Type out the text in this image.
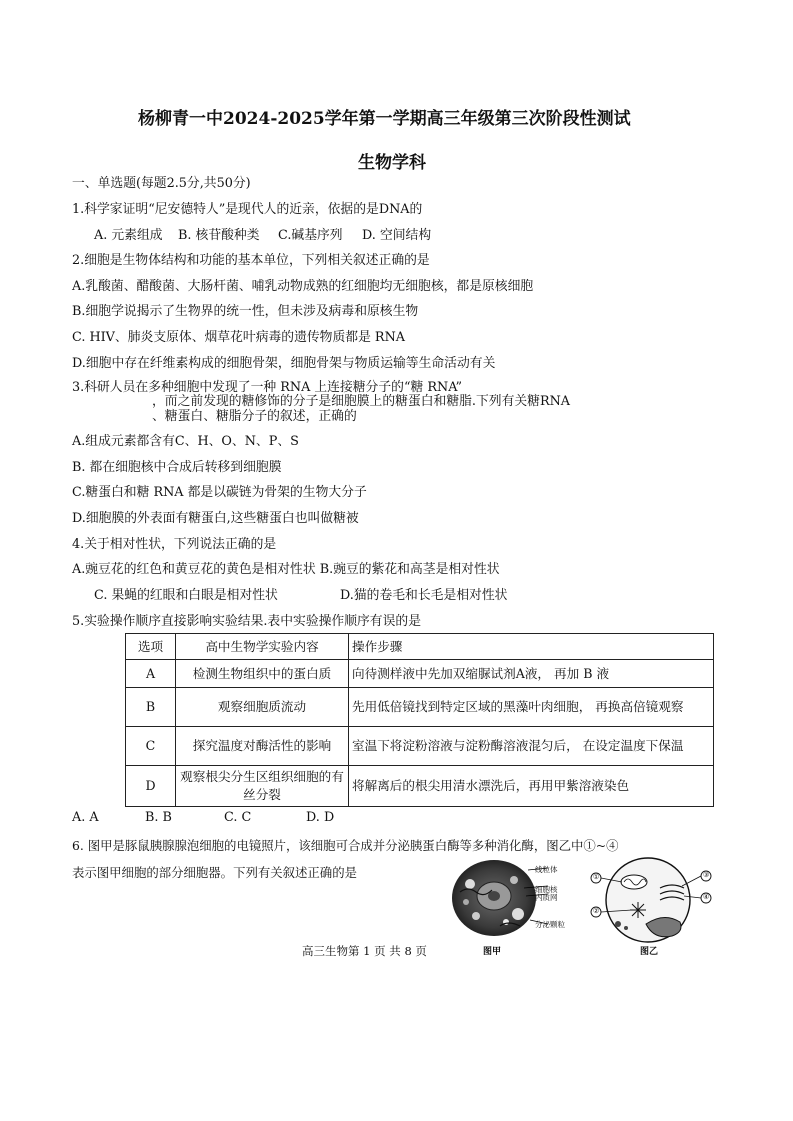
杨柳青一中2024-2025学年第一学期高三年级第三次阶段性测试
生物学科
一、单选题(每题2.5分,共50分)
1.科学家证明“尼安德特人”是现代人的近亲，依据的是DNA的
A. 元素组成 B. 核苷酸种类 C.碱基序列 D. 空间结构
2.细胞是生物体结构和功能的基本单位，下列相关叙述正确的是
A.乳酸菌、醋酸菌、大肠杆菌、哺乳动物成熟的红细胞均无细胞核，都是原核细胞
B.细胞学说揭示了生物界的统一性，但未涉及病毒和原核生物
C. HIV、肺炎支原体、烟草花叶病毒的遗传物质都是 RNA
D.细胞中存在纤维素构成的细胞骨架，细胞骨架与物质运输等生命活动有关
3.科研人员在多种细胞中发现了一种 RNA 上连接糖分子的“糖 RNA”
，而之前发现的糖修饰的分子是细胞膜上的糖蛋白和糖脂.下列有关糖RNA
、糖蛋白、糖脂分子的叙述，正确的
A.组成元素都含有C、H、O、N、P、S
B. 都在细胞核中合成后转移到细胞膜
C.糖蛋白和糖 RNA 都是以碳链为骨架的生物大分子
D.细胞膜的外表面有糖蛋白,这些糖蛋白也叫做糖被
4.关于相对性状，下列说法正确的是
A.豌豆花的红色和黄豆花的黄色是相对性状 B.豌豆的紫花和高茎是相对性状
C. 果蝇的红眼和白眼是相对性状	D.猫的卷毛和长毛是相对性状
5.实验操作顺序直接影响实验结果.表中实验操作顺序有误的是
选项	高中生物学实验内容	操作步骤
A	检测生物组织中的蛋白质	向待测样液中先加双缩脲试剂A液， 再加 B 液
B	观察细胞质流动	先用低倍镜找到特定区域的黑藻叶肉细胞， 再换高倍镜观察
C	探究温度对酶活性的影响	室温下将淀粉溶液与淀粉酶溶液混匀后， 在设定温度下保温
D	观察根尖分生区组织细胞的有丝分裂	将解离后的根尖用清水漂洗后，再用甲紫溶液染色
A. A	B. B	C. C	D. D
6. 图甲是豚鼠胰腺腺泡细胞的电镜照片，该细胞可合成并分泌胰蛋白酶等多种消化酶，图乙中①~④
表示图甲细胞的部分细胞器。下列有关叙述正确的是	线粒体
细胞核
内质网
分泌颗粒
①
②
③
④
高三生物第 1 页 共 8 页	图甲	图乙
